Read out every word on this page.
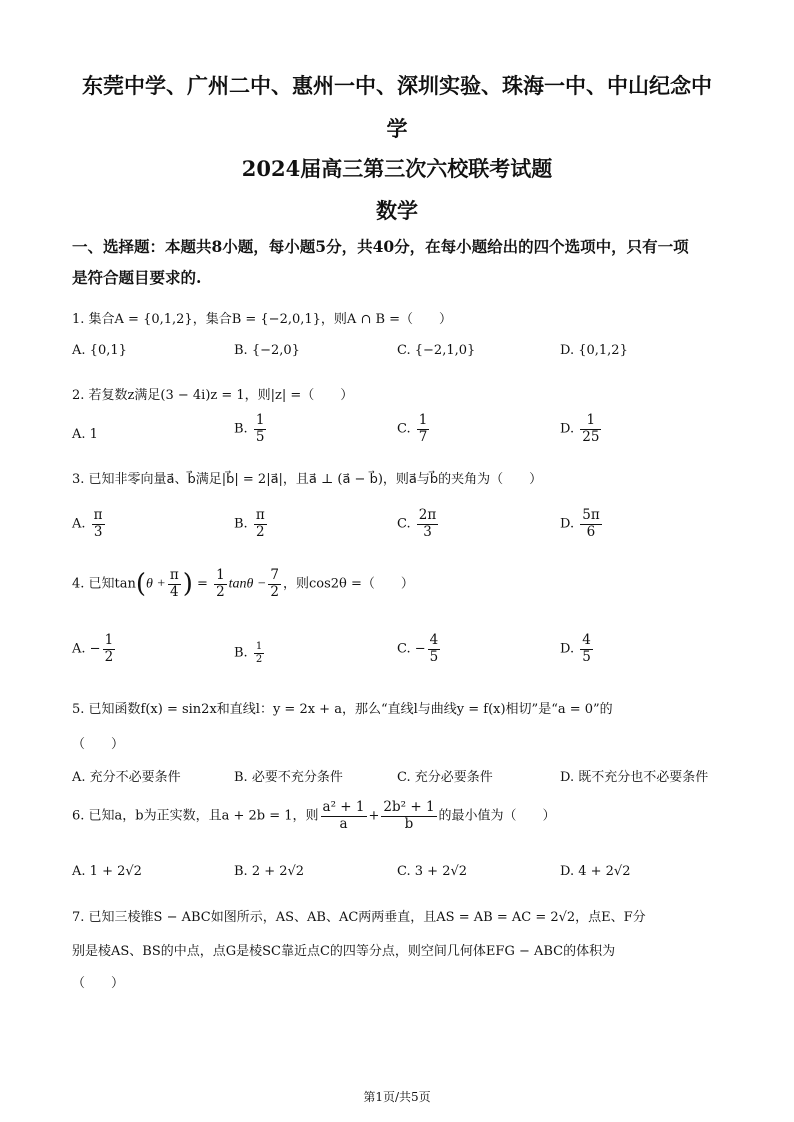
东莞中学、广州二中、惠州一中、深圳实验、珠海一中、中山纪念中
学
2024届高三第三次六校联考试题
数学
一、选择题：本题共8小题，每小题5分，共40分，在每小题给出的四个选项中，只有一项
是符合题目要求的.
1. 集合A = {0,1,2}，集合B = {−2,0,1}，则A ∩ B =（　　）
A. {0,1}	B. {−2,0}	C. {−2,1,0}	D. {0,1,2}
2. 若复数z满足(3 − 4i)z = 1，则|z| =（　　）
A. 1	B. $\frac{1}{5}$	C. $\frac{1}{7}$	D. $\frac{1}{25}$
3. 已知非零向量a⃗、b⃗满足|b⃗| = 2|a⃗|，且a⃗ ⊥ (a⃗ − b⃗)，则a⃗与b⃗的夹角为（　　）
A. $\frac{\pi}{3}$	B. $\frac{\pi}{2}$	C. $\frac{2\pi}{3}$	D. $\frac{5\pi}{6}$
4. 已知$\tan(\theta + \frac{\pi}{4}$ ) = $\frac{1}{2}$ $\tan\theta - \frac{7}{2}$ ，则cos2θ =（　　）
A. − $\frac{1}{2}$	B. $\frac{1}{2}$	C. − $\frac{4}{5}$	D. $\frac{4}{5}$
5. 已知函数f(x) = sin2x和直线l：y = 2x + a，那么“直线l与曲线y = f(x)相切”是“a = 0”的
（　　）
A. 充分不必要条件	B. 必要不充分条件	C. 充分必要条件	D. 既不充分也不必要条件
6. 已知a，b为正实数，且a + 2b = 1，则 $\frac{\text{a² + 1}}{a} + \frac{\text{2b² + 1}}{b}$ 的最小值为（　　）
A. 1 + 2√2	B. 2 + 2√2	C. 3 + 2√2	D. 4 + 2√2
7. 已知三棱锥S − ABC如图所示，AS、AB、AC两两垂直，且AS = AB = AC = 2√2，点E、F分
别是棱AS、BS的中点，点G是棱SC靠近点C的四等分点，则空间几何体EFG − ABC的体积为
（　　）
第1页/共5页
